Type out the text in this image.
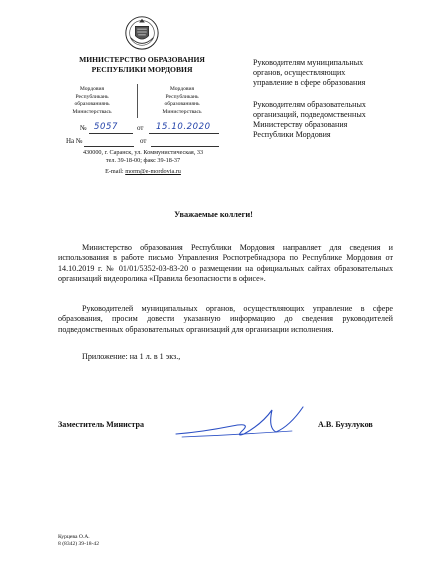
МИНИСТЕРСТВО ОБРАЗОВАНИЯ
РЕСПУБЛИКИ МОРДОВИЯ
Мордовия
Республикань
образованиянь
Министерствась
Мордовия
Республикань
образованиянь
Министерствась
№ 5057	от 15.10.2020
На №	от
430000, г. Саранск, ул. Коммунистическая, 33
тел. 39-18-00; факс 39-18-37
E-mail: morm@e-mordovia.ru
Руководителям муниципальных
органов, осуществляющих
управление в сфере образования
Руководителям образовательных
организаций, подведомственных
Министерству образования
Республики Мордовия
Уважаемые коллеги!
Министерство образования Республики Мордовия направляет для сведения и использования в работе письмо Управления Роспотребнадзора по Республике Мордовия от 14.10.2019 г. № 01/01/5352-03-83-20 о размещении на официальных сайтах образовательных организаций видеоролика «Правила безопасности в офисе».
Руководителей муниципальных органов, осуществляющих управление в сфере образования, просим довести указанную информацию до сведения руководителей подведомственных образовательных организаций для организации исполнения.
Приложение: на 1 л. в 1 экз.,
Заместитель Министра	А.В. Бузулуков
Курцева О.А.
8 (8342) 39-18-42
